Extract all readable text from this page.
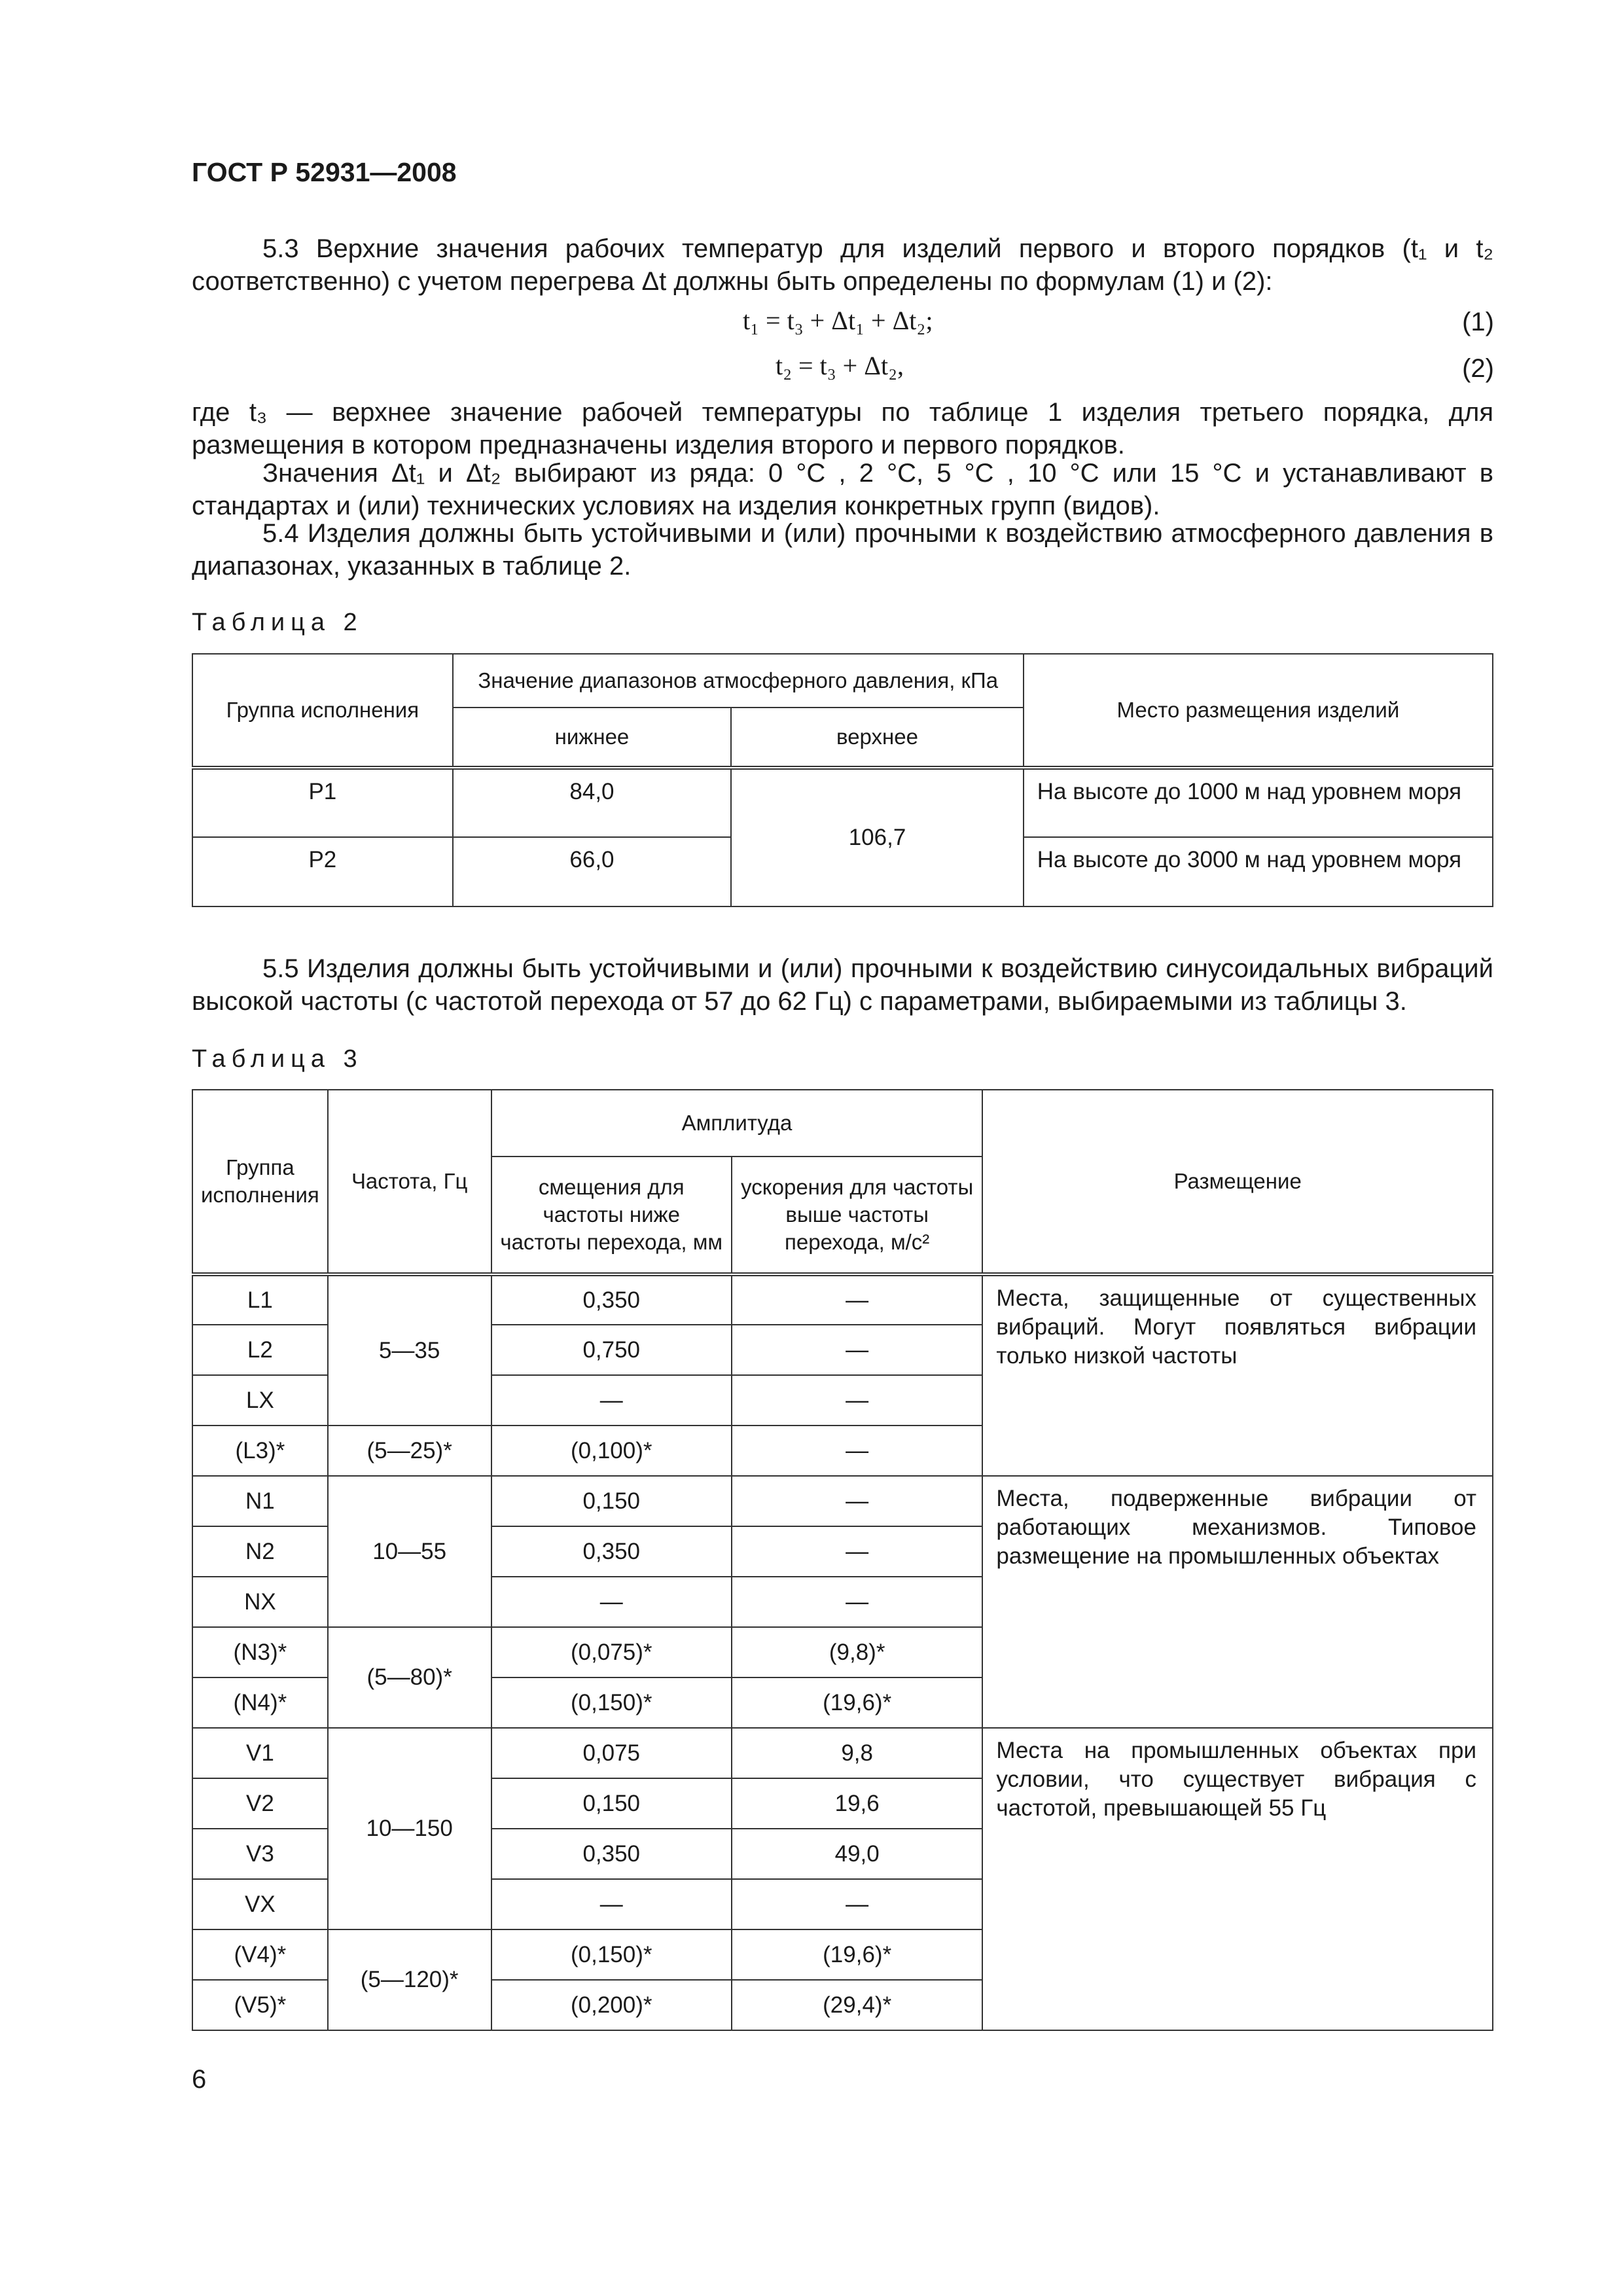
ГОСТ Р 52931—2008
5.3 Верхние значения рабочих температур для изделий первого и второго порядков (t₁ и t₂ соответственно) с учетом перегрева Δt должны быть определены по формулам (1) и (2):
t₁ = t₃ + Δt₁ + Δt₂;	(1)
t₂ = t₃ + Δt₂,	(2)
где t₃ — верхнее значение рабочей температуры по таблице 1 изделия третьего порядка, для размещения в котором предназначены изделия второго и первого порядков.
Значения Δt₁ и Δt₂ выбирают из ряда: 0 °С , 2 °С, 5 °С , 10 °С или 15 °С и устанавливают в стандартах и (или) технических условиях на изделия конкретных групп (видов).
5.4 Изделия должны быть устойчивыми и (или) прочными к воздействию атмосферного давления в диапазонах, указанных в таблице 2.
Таблица 2
Группа исполнения	Значение диапазонов атмосферного давления, кПа		Место размещения изделий
	нижнее	верхнее	
Р1	84,0	106,7	На высоте до 1000 м над уровнем моря
Р2	66,0		На высоте до 3000 м над уровнем моря
5.5 Изделия должны быть устойчивыми и (или) прочными к воздействию синусоидальных вибраций высокой частоты (с частотой перехода от 57 до 62 Гц) с параметрами, выбираемыми из таблицы 3.
Таблица 3
Группа исполнения	Частота, Гц	Амплитуда		Размещение
		смещения для частоты ниже частоты перехода, мм	ускорения для частоты выше частоты перехода, м/с²	
L1	5—35	0,350	—	Места, защищенные от существенных вибраций. Могут появляться вибрации только низкой частоты
L2		0,750	—	
LX		—	—	
(L3)*	(5—25)*	(0,100)*	—	
N1	10—55	0,150	—	Места, подверженные вибрации от работающих механизмов. Типовое размещение на промышленных объектах
N2		0,350	—	
NX		—	—	
(N3)*	(5—80)*	(0,075)*	(9,8)*	
(N4)*		(0,150)*	(19,6)*	
V1	10—150	0,075	9,8	Места на промышленных объектах при условии, что существует вибрация с частотой, превышающей 55 Гц
V2		0,150	19,6	
V3		0,350	49,0	
VX		—	—	
(V4)*	(5—120)*	(0,150)*	(19,6)*	
(V5)*		(0,200)*	(29,4)*	
6
